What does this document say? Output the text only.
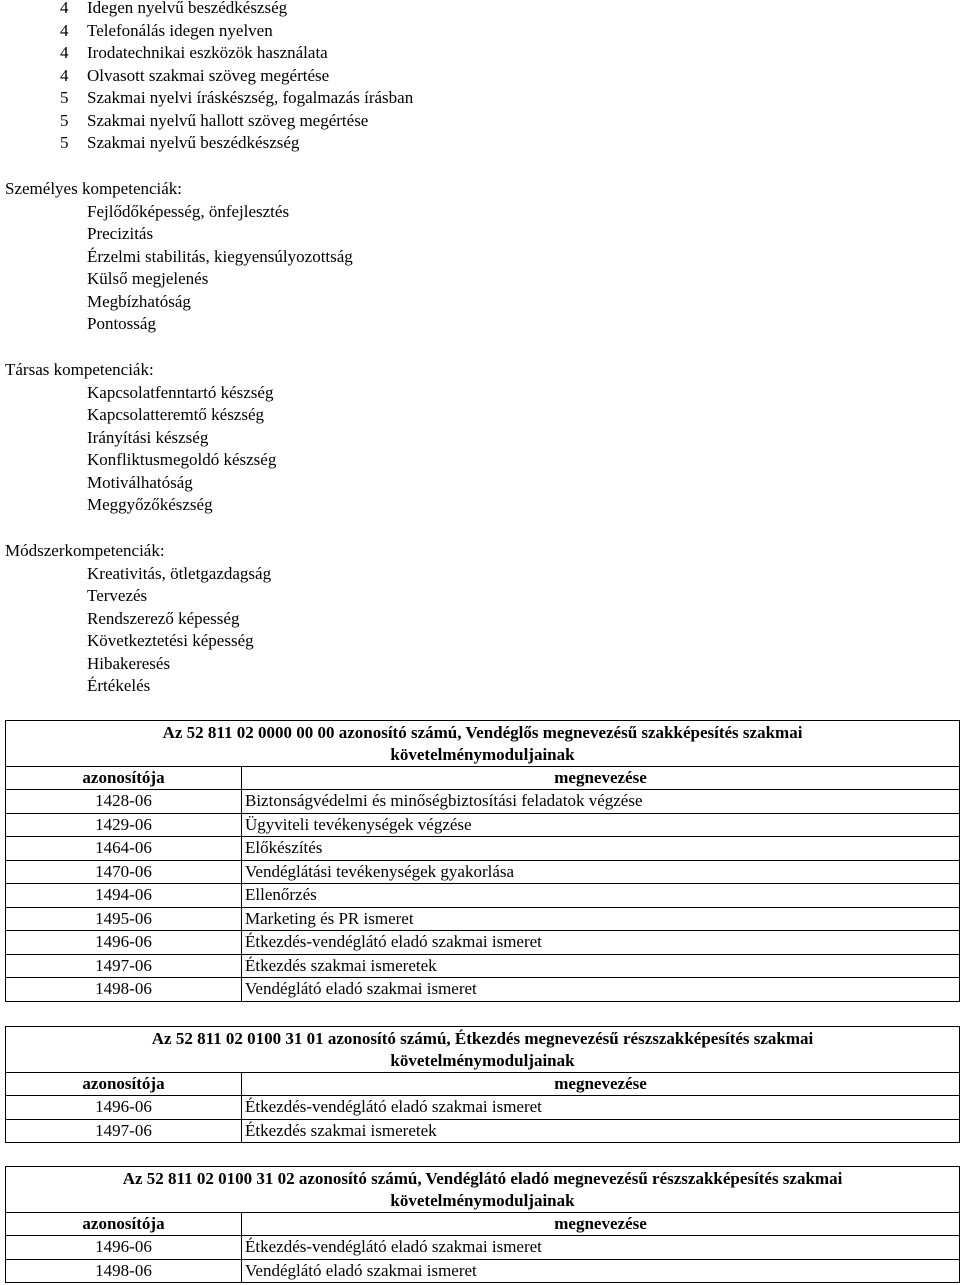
4 Idegen nyelvű beszédkészség
4 Telefonálás idegen nyelven
4 Irodatechnikai eszközök használata
4 Olvasott szakmai szöveg megértése
5 Szakmai nyelvi íráskészség, fogalmazás írásban
5 Szakmai nyelvű hallott szöveg megértése
5 Szakmai nyelvű beszédkészség
Személyes kompetenciák:
Fejlődőképesség, önfejlesztés
Precizitás
Érzelmi stabilitás, kiegyensúlyozottság
Külső megjelenés
Megbízhatóság
Pontosság
Társas kompetenciák:
Kapcsolatfenntartó készség
Kapcsolatteremtő készség
Irányítási készség
Konfliktusmegoldó készség
Motiválhatóság
Meggyőzőkészség
Módszerkompetenciák:
Kreativitás, ötletgazdagság
Tervezés
Rendszerező képesség
Következtetési képesség
Hibakeresés
Értékelés
Az 52 811 02 0000 00 00 azonosító számú, Vendéglős megnevezésű szakképesítés szakmai
követelménymoduljainak	

azonosítója	megnevezése
1428-06	Biztonságvédelmi és minőségbiztosítási feladatok végzése
1429-06	Ügyviteli tevékenységek végzése
1464-06	Előkészítés
1470-06	Vendéglátási tevékenységek gyakorlása
1494-06	Ellenőrzés
1495-06	Marketing és PR ismeret
1496-06	Étkezdés-vendéglátó eladó szakmai ismeret
1497-06	Étkezdés szakmai ismeretek
1498-06	Vendéglátó eladó szakmai ismeret
Az 52 811 02 0100 31 01 azonosító számú, Étkezdés megnevezésű részszakképesítés szakmai
követelménymoduljainak	

azonosítója	megnevezése
1496-06	Étkezdés-vendéglátó eladó szakmai ismeret
1497-06	Étkezdés szakmai ismeretek
Az 52 811 02 0100 31 02 azonosító számú, Vendéglátó eladó megnevezésű részszakképesítés szakmai
követelménymoduljainak	

azonosítója	megnevezése
1496-06	Étkezdés-vendéglátó eladó szakmai ismeret
1498-06	Vendéglátó eladó szakmai ismeret
